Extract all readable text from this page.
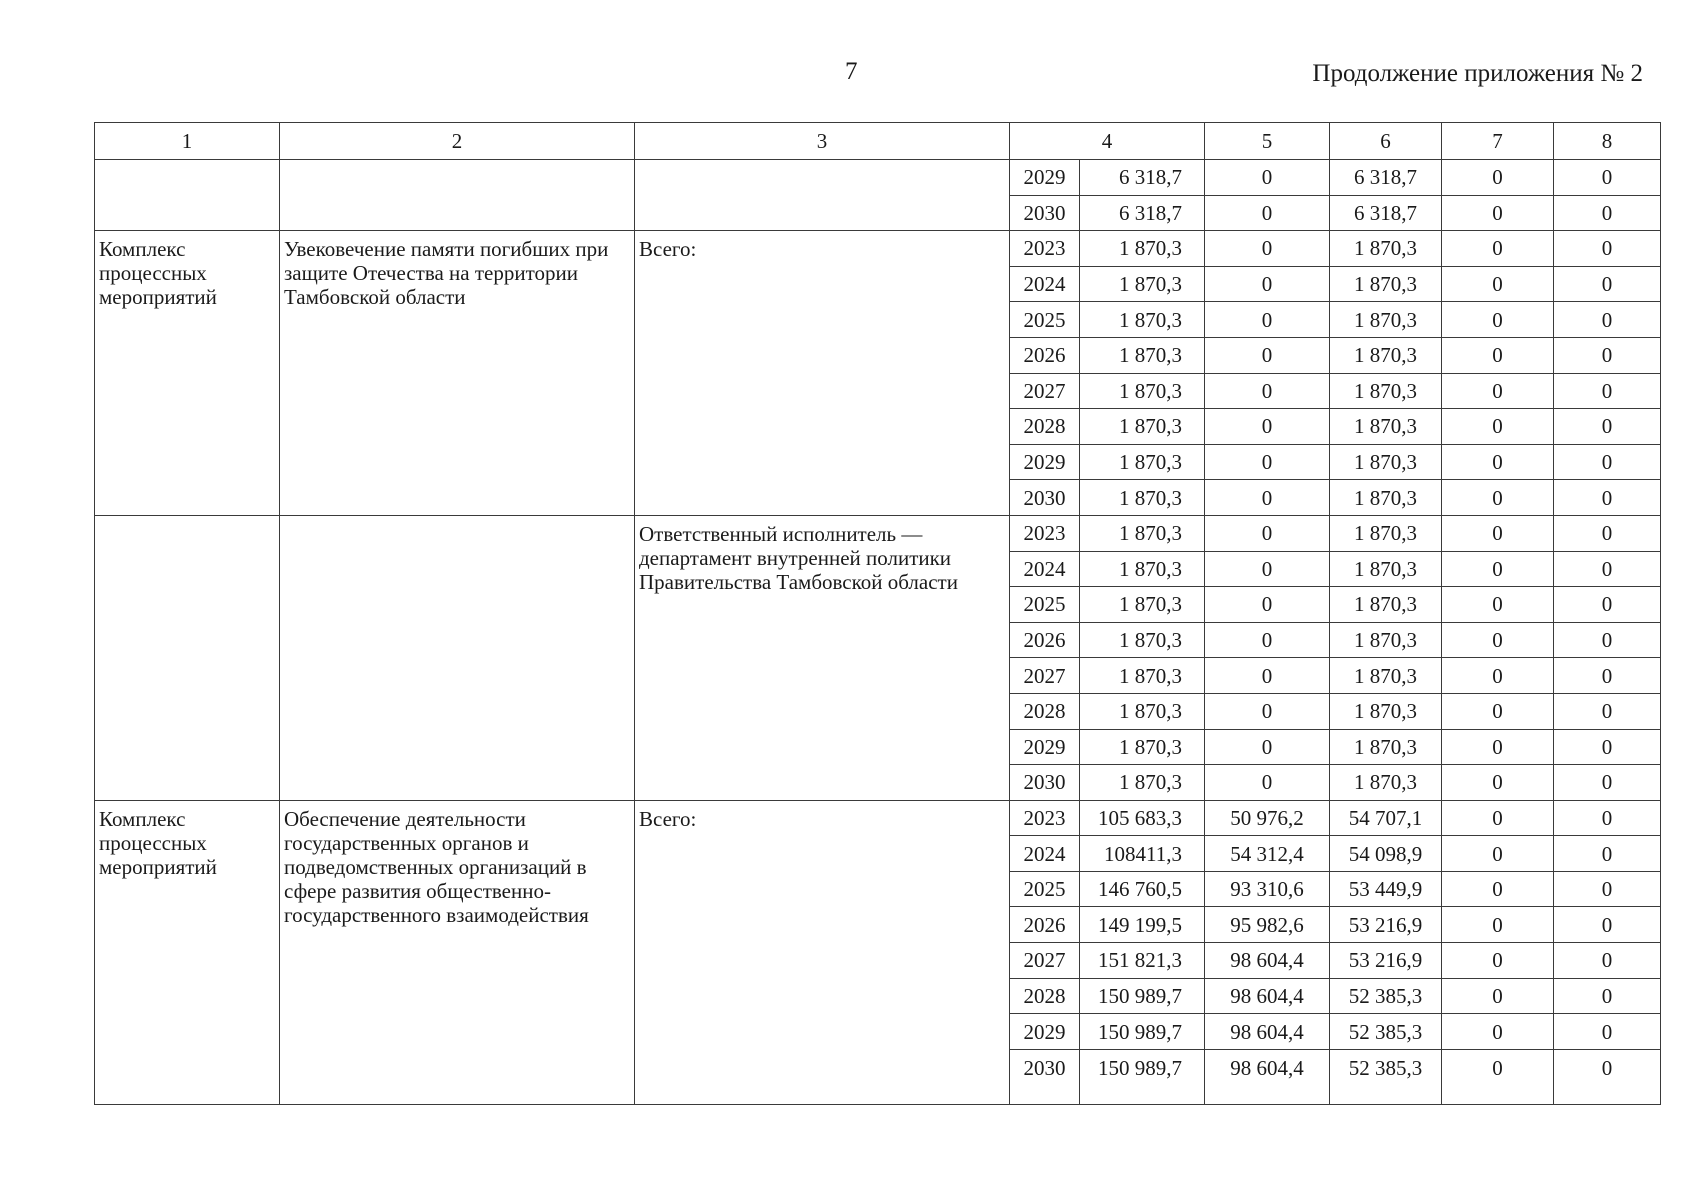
7	Продолжение приложения № 2
1	2	3	4		5	6	7	8
			2029	6 318,7	0	6 318,7	0	0
			2030	6 318,7	0	6 318,7	0	0
Комплекс процессных мероприятий	Увековечение памяти погибших при защите Отечества на территории Тамбовской области	Всего:	2023	1 870,3	0	1 870,3	0	0
			2024	1 870,3	0	1 870,3	0	0
			2025	1 870,3	0	1 870,3	0	0
			2026	1 870,3	0	1 870,3	0	0
			2027	1 870,3	0	1 870,3	0	0
			2028	1 870,3	0	1 870,3	0	0
			2029	1 870,3	0	1 870,3	0	0
			2030	1 870,3	0	1 870,3	0	0
		Ответственный исполнитель — департамент внутренней политики Правительства Тамбовской области	2023	1 870,3	0	1 870,3	0	0
			2024	1 870,3	0	1 870,3	0	0
			2025	1 870,3	0	1 870,3	0	0
			2026	1 870,3	0	1 870,3	0	0
			2027	1 870,3	0	1 870,3	0	0
			2028	1 870,3	0	1 870,3	0	0
			2029	1 870,3	0	1 870,3	0	0
			2030	1 870,3	0	1 870,3	0	0
Комплекс процессных мероприятий	Обеспечение деятельности государственных органов и подведомственных организаций в сфере развития общественно-государственного взаимодействия	Всего:	2023	105 683,3	50 976,2	54 707,1	0	0
			2024	108411,3	54 312,4	54 098,9	0	0
			2025	146 760,5	93 310,6	53 449,9	0	0
			2026	149 199,5	95 982,6	53 216,9	0	0
			2027	151 821,3	98 604,4	53 216,9	0	0
			2028	150 989,7	98 604,4	52 385,3	0	0
			2029	150 989,7	98 604,4	52 385,3	0	0
			2030	150 989,7	98 604,4	52 385,3	0	0
